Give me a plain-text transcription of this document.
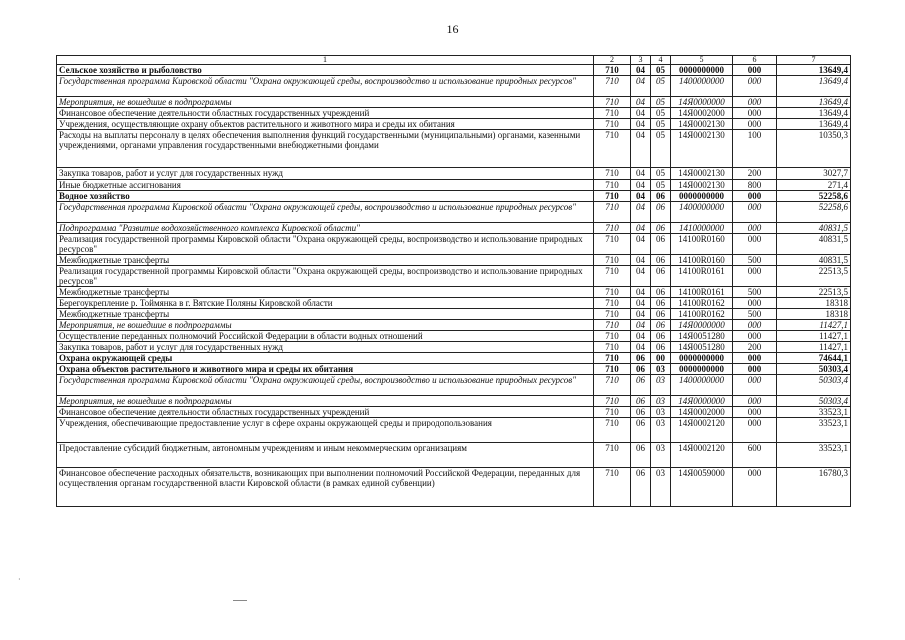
16
1	2	3	4	5	6	7
Сельское хозяйство и рыболовство	710	04	05	0000000000	000	13649,4
Государственная программа Кировской области "Охрана окружающей среды, воспроизводство и использование природных ресурсов"	710	04	05	1400000000	000	13649,4
Мероприятия, не вошедшие в подпрограммы	710	04	05	14Я0000000	000	13649,4
Финансовое обеспечение деятельности областных государственных учреждений	710	04	05	14Я0002000	000	13649,4
Учреждения, осуществляющие охрану объектов растительного и животного мира и среды их обитания	710	04	05	14Я0002130	000	13649,4
Расходы на выплаты персоналу в целях обеспечения выполнения функций государственными (муниципальными) органами, казенными учреждениями, органами управления государственными внебюджетными фондами	710	04	05	14Я0002130	100	10350,3
Закупка товаров, работ и услуг для государственных нужд	710	04	05	14Я0002130	200	3027,7
Иные бюджетные ассигнования	710	04	05	14Я0002130	800	271,4
Водное хозяйство	710	04	06	0000000000	000	52258,6
Государственная программа Кировской области "Охрана окружающей среды, воспроизводство и использование природных ресурсов"	710	04	06	1400000000	000	52258,6
Подпрограмма "Развитие водохозяйственного комплекса Кировской области"	710	04	06	1410000000	000	40831,5
Реализация государственной программы Кировской области "Охрана окружающей среды, воспроизводство и использование природных ресурсов"	710	04	06	14100R0160	000	40831,5
Межбюджетные трансферты	710	04	06	14100R0160	500	40831,5
Реализация государственной программы Кировской области "Охрана окружающей среды, воспроизводство и использование природных ресурсов"	710	04	06	14100R0161	000	22513,5
Межбюджетные трансферты	710	04	06	14100R0161	500	22513,5
Берегоукрепление р. Тоймянка в г. Вятские Поляны Кировской области	710	04	06	14100R0162	000	18318
Межбюджетные трансферты	710	04	06	14100R0162	500	18318
Мероприятия, не вошедшие в подпрограммы	710	04	06	14Я0000000	000	11427,1
Осуществление переданных полномочий Российской Федерации в области водных отношений	710	04	06	14Я0051280	000	11427,1
Закупка товаров, работ и услуг для государственных нужд	710	04	06	14Я0051280	200	11427,1
Охрана окружающей среды	710	06	00	0000000000	000	74644,1
Охрана объектов растительного и животного мира и среды их обитания	710	06	03	0000000000	000	50303,4
Государственная программа Кировской области "Охрана окружающей среды, воспроизводство и использование природных ресурсов"	710	06	03	1400000000	000	50303,4
Мероприятия, не вошедшие в подпрограммы	710	06	03	14Я0000000	000	50303,4
Финансовое обеспечение деятельности областных государственных учреждений	710	06	03	14Я0002000	000	33523,1
Учреждения, обеспечивающие предоставление услуг в сфере охраны окружающей среды и природопользования	710	06	03	14Я0002120	000	33523,1
Предоставление субсидий бюджетным, автономным учреждениям и иным некоммерческим организациям	710	06	03	14Я0002120	600	33523,1
Финансовое обеспечение расходных обязательств, возникающих при выполнении полномочий Российской Федерации, переданных для осуществления органам государственной власти Кировской области (в рамках единой субвенции)	710	06	03	14Я0059000	000	16780,3
·
